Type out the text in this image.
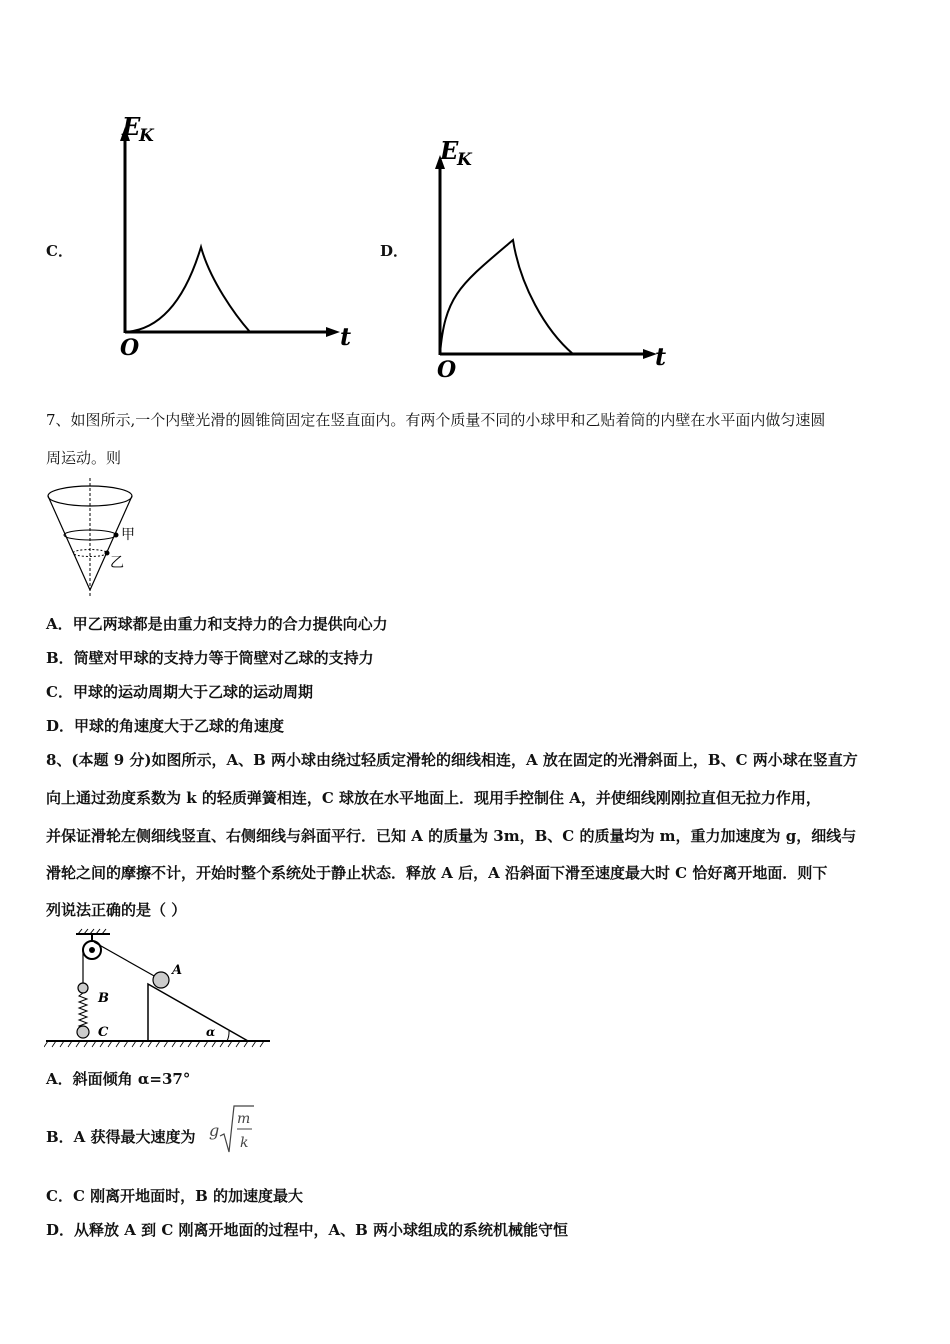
C．
E
K
t
O
D．
E
K
t
O
7、如图所示,一个内壁光滑的圆锥筒固定在竖直面内。有两个质量不同的小球甲和乙贴着筒的内壁在水平面内做匀速圆
周运动。则
甲
乙
A．甲乙两球都是由重力和支持力的合力提供向心力
B．筒壁对甲球的支持力等于筒壁对乙球的支持力
C．甲球的运动周期大于乙球的运动周期
D．甲球的角速度大于乙球的角速度
8、(本题 9 分)如图所示，A、B 两小球由绕过轻质定滑轮的细线相连，A 放在固定的光滑斜面上，B、C 两小球在竖直方
向上通过劲度系数为 k 的轻质弹簧相连，C 球放在水平地面上．现用手控制住 A，并使细线刚刚拉直但无拉力作用，
并保证滑轮左侧细线竖直、右侧细线与斜面平行．已知 A 的质量为 3m，B、C 的质量均为 m，重力加速度为 g，细线与
滑轮之间的摩擦不计，开始时整个系统处于静止状态．释放 A 后，A 沿斜面下滑至速度最大时 C 恰好离开地面．则下
列说法正确的是（ ）
A
B
C	α
A．斜面倾角 α=37°
B．A 获得最大速度为 g
m
k
C．C 刚离开地面时，B 的加速度最大
D．从释放 A 到 C 刚离开地面的过程中，A、B 两小球组成的系统机械能守恒
